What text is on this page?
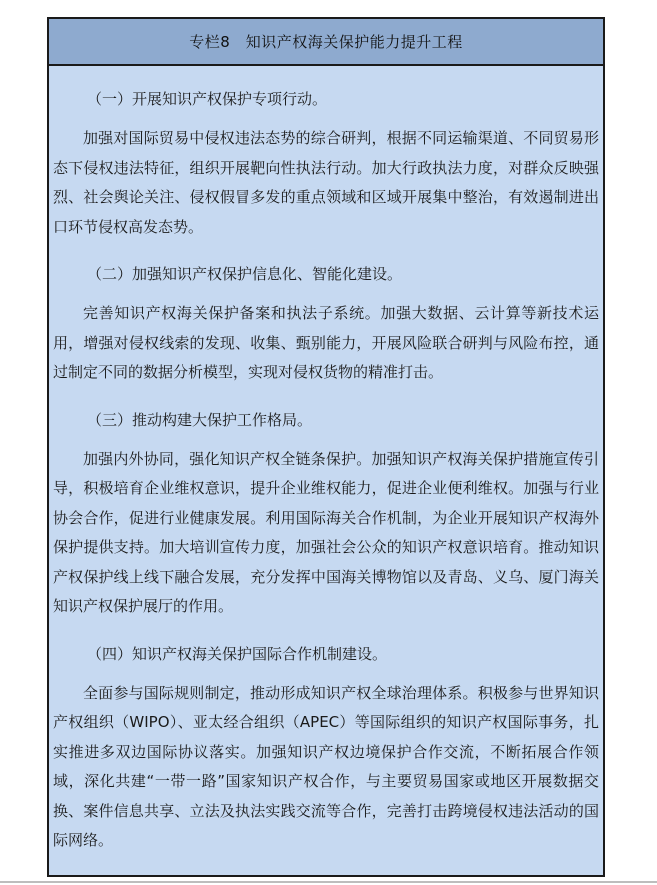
专栏8　知识产权海关保护能力提升工程

（一）开展知识产权保护专项行动。

加强对国际贸易中侵权违法态势的综合研判，根据不同运输渠道、不同贸易形态下侵权违法特征，组织开展靶向性执法行动。加大行政执法力度，对群众反映强烈、社会舆论关注、侵权假冒多发的重点领域和区域开展集中整治，有效遏制进出口环节侵权高发态势。

（二）加强知识产权保护信息化、智能化建设。

完善知识产权海关保护备案和执法子系统。加强大数据、云计算等新技术运用，增强对侵权线索的发现、收集、甄别能力，开展风险联合研判与风险布控，通过制定不同的数据分析模型，实现对侵权货物的精准打击。

（三）推动构建大保护工作格局。

加强内外协同，强化知识产权全链条保护。加强知识产权海关保护措施宣传引导，积极培育企业维权意识，提升企业维权能力，促进企业便利维权。加强与行业协会合作，促进行业健康发展。利用国际海关合作机制，为企业开展知识产权海外保护提供支持。加大培训宣传力度，加强社会公众的知识产权意识培育。推动知识产权保护线上线下融合发展，充分发挥中国海关博物馆以及青岛、义乌、厦门海关知识产权保护展厅的作用。

（四）知识产权海关保护国际合作机制建设。

全面参与国际规则制定，推动形成知识产权全球治理体系。积极参与世界知识产权组织（WIPO）、亚太经合组织（APEC）等国际组织的知识产权国际事务，扎实推进多双边国际协议落实。加强知识产权边境保护合作交流，不断拓展合作领域，深化共建“一带一路”国家知识产权合作，与主要贸易国家或地区开展数据交换、案件信息共享、立法及执法实践交流等合作，完善打击跨境侵权违法活动的国际网络。
